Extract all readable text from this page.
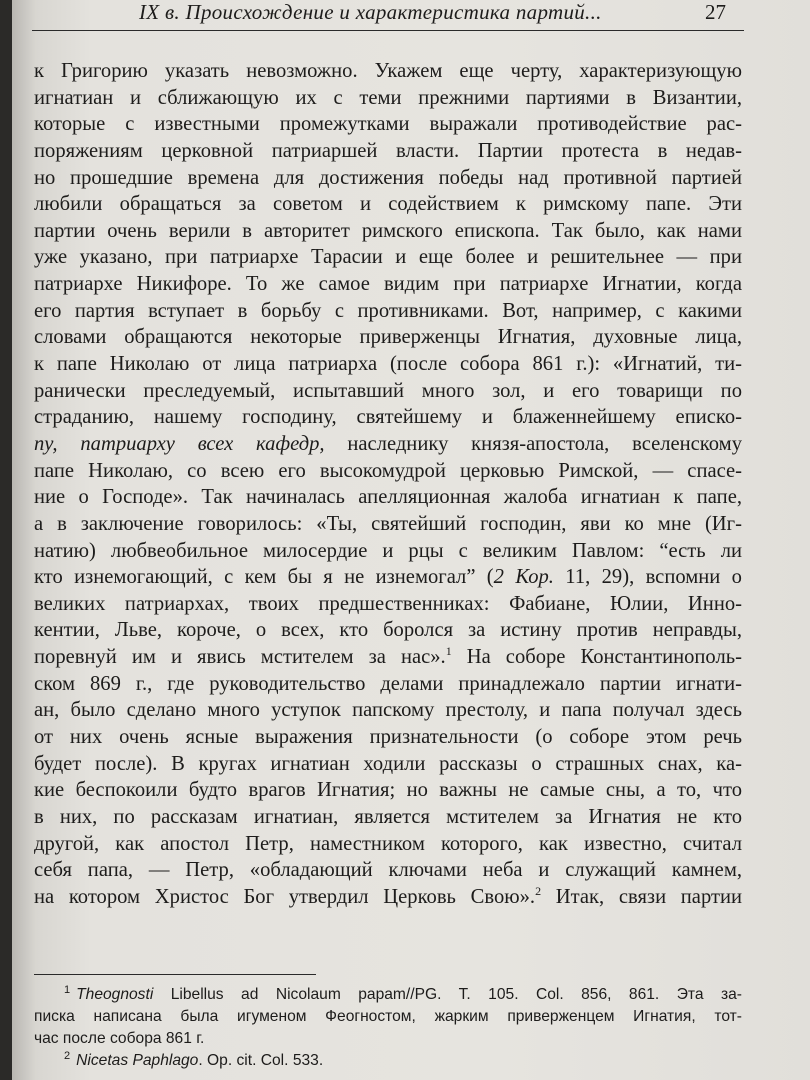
IX в. Происхождение и характеристика партий...	27
к Григорию указать невозможно. Укажем еще черту, характеризующую
игнатиан и сближающую их с теми прежними партиями в Византии,
которые с известными промежутками выражали противодействие рас-
поряжениям церковной патриаршей власти. Партии протеста в недав-
но прошедшие времена для достижения победы над противной партией
любили обращаться за советом и содействием к римскому папе. Эти
партии очень верили в авторитет римского епископа. Так было, как нами
уже указано, при патриархе Тарасии и еще более и решительнее — при
патриархе Никифоре. То же самое видим при патриархе Игнатии, когда
его партия вступает в борьбу с противниками. Вот, например, с какими
словами обращаются некоторые приверженцы Игнатия, духовные лица,
к папе Николаю от лица патриарха (после собора 861 г.): «Игнатий, ти-
ранически преследуемый, испытавший много зол, и его товарищи по
страданию, нашему господину, святейшему и блаженнейшему еписко-
пу, патриарху всех кафедр, наследнику князя-апостола, вселенскому
папе Николаю, со всею его высокомудрой церковью Римской, — спасе-
ние о Господе». Так начиналась апелляционная жалоба игнатиан к папе,
а в заключение говорилось: «Ты, святейший господин, яви ко мне (Иг-
натию) любвеобильное милосердие и рцы с великим Павлом: “есть ли
кто изнемогающий, с кем бы я не изнемогал” (2 Кор. 11, 29), вспомни о
великих патриархах, твоих предшественниках: Фабиане, Юлии, Инно-
кентии, Льве, короче, о всех, кто боролся за истину против неправды,
поревнуй им и явись мстителем за нас».$^1$ На соборе Константинополь-
ском 869 г., где руководительство делами принадлежало партии игнати-
ан, было сделано много уступок папскому престолу, и папа получал здесь
от них очень ясные выражения признательности (о соборе этом речь
будет после). В кругах игнатиан ходили рассказы о страшных снах, ка-
кие беспокоили будто врагов Игнатия; но важны не самые сны, а то, что
в них, по рассказам игнатиан, является мстителем за Игнатия не кто
другой, как апостол Петр, наместником которого, как известно, считал
себя папа, — Петр, «обладающий ключами неба и служащий камнем,
на котором Христос Бог утвердил Церковь Свою».$^2$ Итак, связи партии
$^1$ Theognosti Libellus ad Nicolaum papam//PG. T. 105. Col. 856, 861. Эта за-
писка написана была игуменом Феогностом, жарким приверженцем Игнатия, тот-
час после собора 861 г.
$^2$ Nicetas Paphlago. Op. cit. Col. 533.
